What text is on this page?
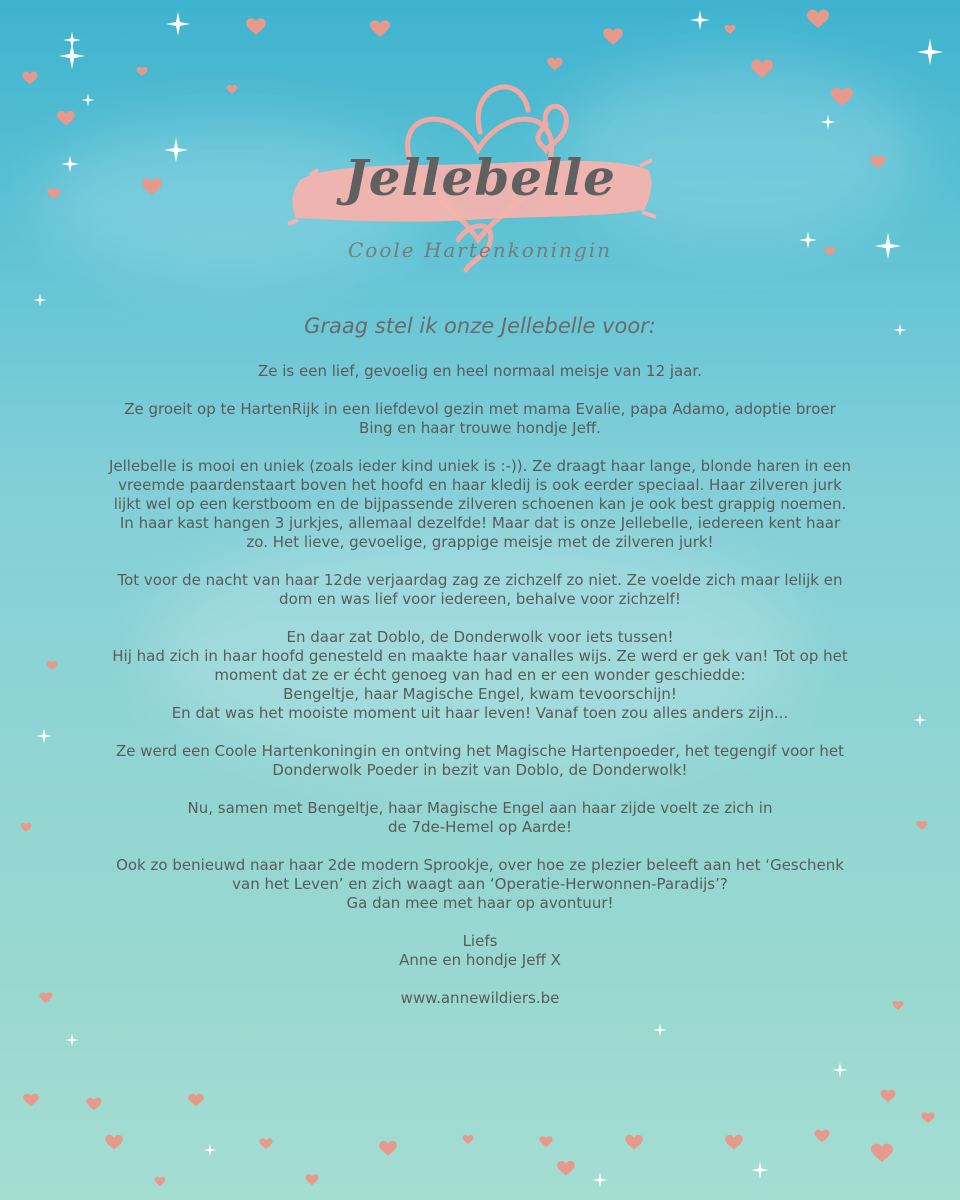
Jellebelle
Coole Hartenkoningin
Graag stel ik onze Jellebelle voor:

Ze is een lief, gevoelig en heel normaal meisje van 12 jaar.

Ze groeit op te HartenRijk in een liefdevol gezin met mama Evalie, papa Adamo, adoptie broer
Bing en haar trouwe hondje Jeff.

Jellebelle is mooi en uniek (zoals ieder kind uniek is :-)). Ze draagt haar lange, blonde haren in een
vreemde paardenstaart boven het hoofd en haar kledij is ook eerder speciaal. Haar zilveren jurk
lijkt wel op een kerstboom en de bijpassende zilveren schoenen kan je ook best grappig noemen.
In haar kast hangen 3 jurkjes, allemaal dezelfde! Maar dat is onze Jellebelle, iedereen kent haar
zo. Het lieve, gevoelige, grappige meisje met de zilveren jurk!

Tot voor de nacht van haar 12de verjaardag zag ze zichzelf zo niet. Ze voelde zich maar lelijk en
dom en was lief voor iedereen, behalve voor zichzelf!

En daar zat Doblo, de Donderwolk voor iets tussen!
Hij had zich in haar hoofd genesteld en maakte haar vanalles wijs. Ze werd er gek van! Tot op het
moment dat ze er écht genoeg van had en er een wonder geschiedde:
Bengeltje, haar Magische Engel, kwam tevoorschijn!
En dat was het mooiste moment uit haar leven! Vanaf toen zou alles anders zijn...

Ze werd een Coole Hartenkoningin en ontving het Magische Hartenpoeder, het tegengif voor het
Donderwolk Poeder in bezit van Doblo, de Donderwolk!

Nu, samen met Bengeltje, haar Magische Engel aan haar zijde voelt ze zich in
de 7de-Hemel op Aarde!

Ook zo benieuwd naar haar 2de modern Sprookje, over hoe ze plezier beleeft aan het ‘Geschenk
van het Leven’ en zich waagt aan ‘Operatie-Herwonnen-Paradijs’?
Ga dan mee met haar op avontuur!

Liefs
Anne en hondje Jeff X

www.annewildiers.be
